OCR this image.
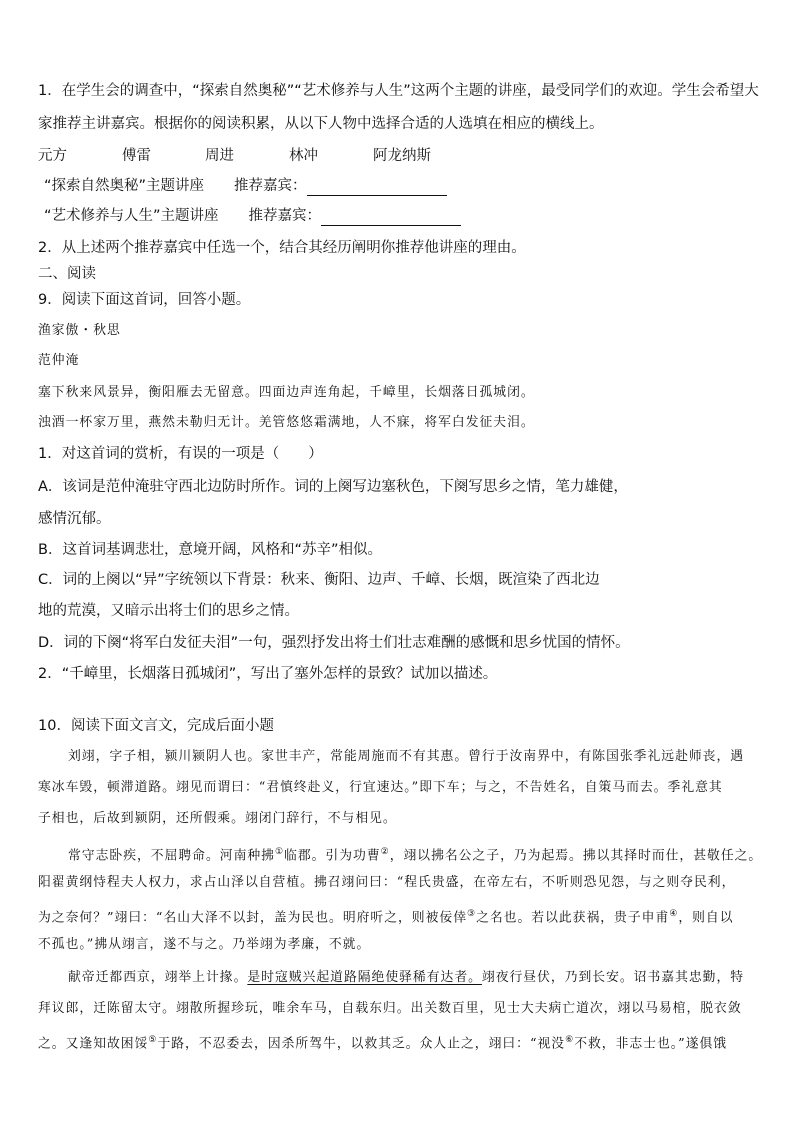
1．在学生会的调查中，“探索自然奥秘”“艺术修养与人生”这两个主题的讲座，最受同学们的欢迎。学生会希望大
家推荐主讲嘉宾。根据你的阅读积累，从以下人物中选择合适的人选填在相应的横线上。
元方	傅雷	周进	林冲	阿龙纳斯
“探索自然奥秘”主题讲座 推荐嘉宾：
“艺术修养与人生”主题讲座 推荐嘉宾：
2．从上述两个推荐嘉宾中任选一个，结合其经历阐明你推荐他讲座的理由。
二、阅读
9．阅读下面这首词，回答小题。
渔家傲・秋思
范仲淹
塞下秋来风景异，衡阳雁去无留意。四面边声连角起，千嶂里，长烟落日孤城闭。
浊酒一杯家万里，燕然未勒归无计。羌管悠悠霜满地，人不寐，将军白发征夫泪。
1．对这首词的赏析，有误的一项是（　　）
A．该词是范仲淹驻守西北边防时所作。词的上阕写边塞秋色，下阕写思乡之情，笔力雄健，
感情沉郁。
B．这首词基调悲壮，意境开阔，风格和“苏辛”相似。
C．词的上阕以“异”字统领以下背景：秋来、衡阳、边声、千嶂、长烟，既渲染了西北边
地的荒漠，又暗示出将士们的思乡之情。
D．词的下阕“将军白发征夫泪”一句，强烈抒发出将士们壮志难酬的感慨和思乡忧国的情怀。
2．“千嶂里，长烟落日孤城闭”，写出了塞外怎样的景致？试加以描述。
10．阅读下面文言文，完成后面小题
刘翊，字子相，颍川颍阴人也。家世丰产，常能周施而不有其惠。曾行于汝南界中，有陈国张季礼远赴师丧，遇
寒冰车毁，顿滞道路。翊见而谓曰：“君慎终赴义，行宜速达。”即下车；与之，不告姓名，自策马而去。季礼意其
子相也，后故到颍阴，还所假乘。翊闭门辞行，不与相见。
常守志卧疾，不屈聘命。河南种拂①临郡。引为功曹②，翊以拂名公之子，乃为起焉。拂以其择时而仕，甚敬任之。
阳翟黄纲恃程夫人权力，求占山泽以自营植。拂召翊问曰：“程氏贵盛，在帝左右，不听则恐见怨，与之则夺民利，
为之奈何？”翊曰：“名山大泽不以封，盖为民也。明府听之，则被佞倖③之名也。若以此获祸，贵子申甫④，则自以
不孤也。”拂从翊言，遂不与之。乃举翊为孝廉，不就。
献帝迁都西京，翊举上计掾。是时寇贼兴起道路隔绝使驿稀有达者。翊夜行昼伏，乃到长安。诏书嘉其忠勤，特
拜议郎，迁陈留太守。翊散所握珍玩，唯余车马，自载东归。出关数百里，见士大夫病亡道次，翊以马易棺，脱衣敛
之。又逢知故困馁⑤于路，不忍委去，因杀所驾牛，以救其乏。众人止之，翊曰：“视没⑥不救，非志士也。”遂俱饿
